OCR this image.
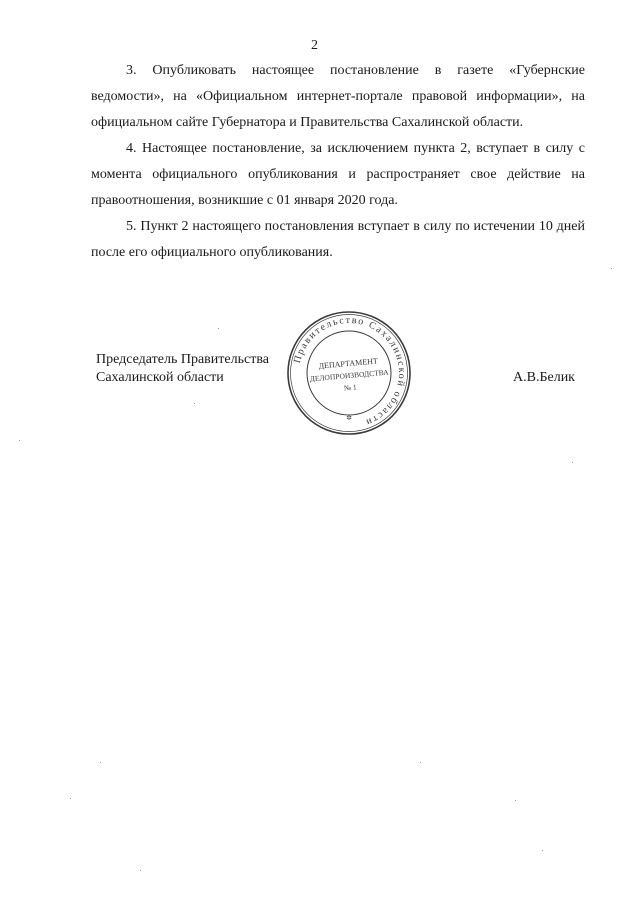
2

3. Опубликовать настоящее постановление в газете «Губернские ведомости», на «Официальном интернет-портале правовой информации», на официальном сайте Губернатора и Правительства Сахалинской области.

4. Настоящее постановление, за исключением пункта 2, вступает в силу с момента официального опубликования и распространяет свое действие на правоотношения, возникшие с 01 января 2020 года.

5. Пункт 2 настоящего постановления вступает в силу по истечении 10 дней после его официального опубликования.

Председатель Правительства
Сахалинской области	А.В.Белик
Правительство Сахалинской области
✲
ДЕПАРТАМЕНТ
ДЕЛОПРОИЗВОДСТВА
№ 1
